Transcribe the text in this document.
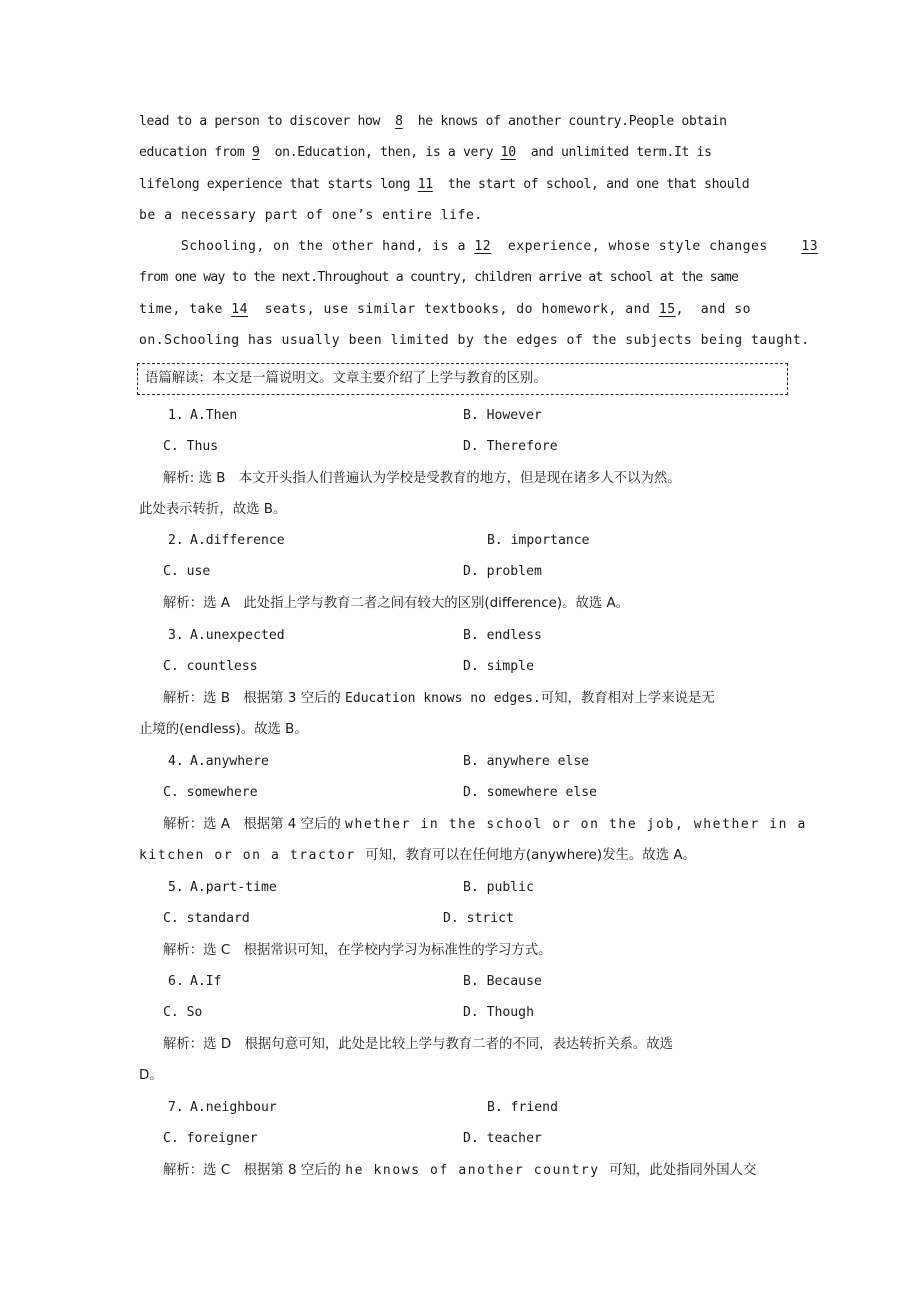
lead to a person to discover how 8 he knows of another country.People obtain
education from 9 on.Education, then, is a very 10 and unlimited term.It is
lifelong experience that starts long 11 the start of school, and one that should
be a necessary part of one’s entire life.
Schooling, on the other hand, is a 12 experience, whose style changes	13
from one way to the next.Throughout a country, children arrive at school at the same
time, take 14 seats, use similar textbooks, do homework, and 15,  and so
on.Schooling has usually been limited by the edges of the subjects being taught.
语篇解读：本文是一篇说明文。文章主要介绍了上学与教育的区别。
1. A.Then	B. However
C. Thus	D. Therefore
解析: 选 B　 本文开头指人们普遍认为学校是受教育的地方，但是现在诸多人不以为然。
此处表示转折，故选 B。
2. A.difference	B. importance
C. use	D. problem
解析：选 A　 此处指上学与教育二者之间有较大的区别(difference)。故选 A。
3. A.unexpected	B. endless
C. countless	D. simple
解析：选 B　 根据第 3 空后的 Education knows no edges.可知，教育相对上学来说是无
止境的(endless)。故选 B。
4. A.anywhere	B. anywhere else
C. somewhere	D. somewhere else
解析：选 A　 根据第 4 空后的 whether in the school or on the job, whether in a
kitchen or on a tractor 可知，教育可以在任何地方(anywhere)发生。故选 A。
5. A.part-time	B. public
C. standard	D. strict
解析：选 C　 根据常识可知，在学校内学习为标准性的学习方式。
6. A.If	B. Because
C. So	D. Though
解析：选 D　 根据句意可知，此处是比较上学与教育二者的不同，表达转折关系。故选
D。
7. A.neighbour	B. friend
C. foreigner	D. teacher
解析：选 C　 根据第 8 空后的 he knows of another country 可知，此处指同外国人交
